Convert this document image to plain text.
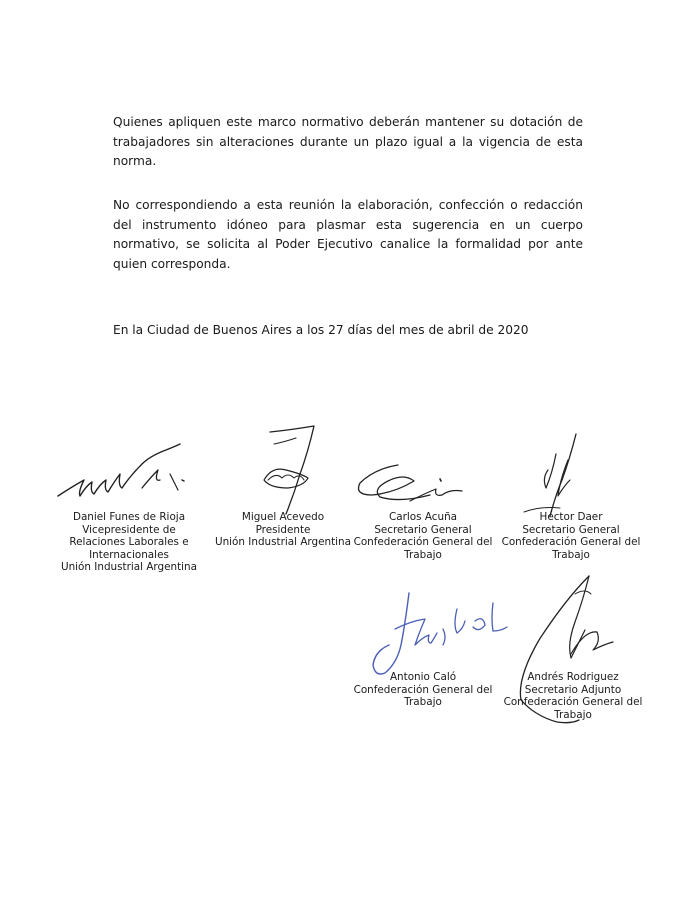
Quienes apliquen este marco normativo deberán mantener su dotación de trabajadores sin alteraciones durante un plazo igual a la vigencia de esta norma.

No correspondiendo a esta reunión la elaboración, confección o redacción del instrumento idóneo para plasmar esta sugerencia en un cuerpo normativo, se solicita al Poder Ejecutivo canalice la formalidad por ante quien corresponda.

En la Ciudad de Buenos Aires a los 27 días del mes de abril de 2020

Daniel Funes de Rioja
Vicepresidente de
Relaciones Laborales e
Internacionales
Unión Industrial Argentina
Miguel Acevedo
Presidente
Unión Industrial Argentina
Carlos Acuña
Secretario General
Confederación General del
Trabajo
Héctor Daer
Secretario General
Confederación General del
Trabajo
Antonio Caló
Confederación General del
Trabajo
Andrés Rodriguez
Secretario Adjunto
Confederación General del
Trabajo
